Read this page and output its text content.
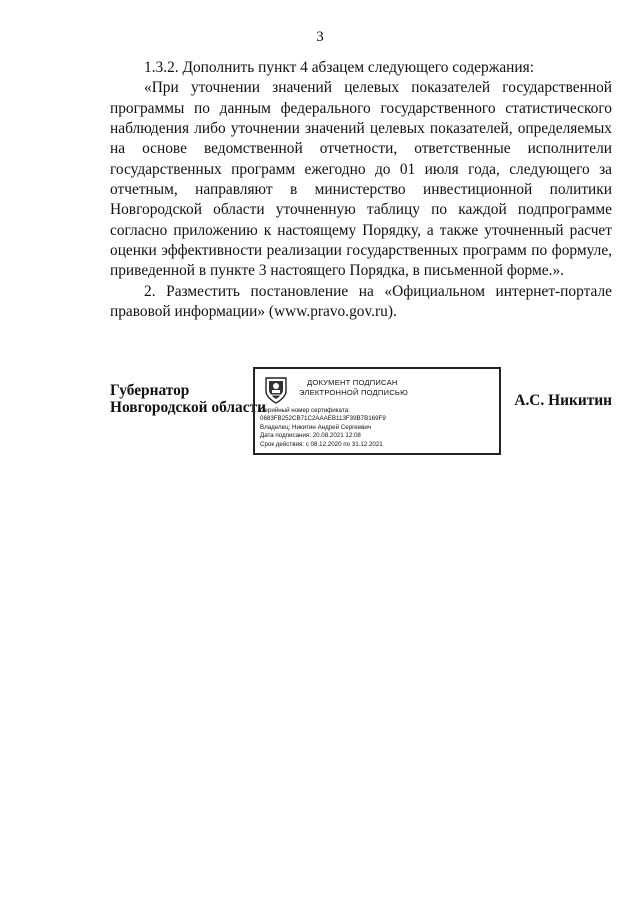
3

1.3.2. Дополнить пункт 4 абзацем следующего содержания:

«При уточнении значений целевых показателей государственной программы по данным федерального государственного статистического наблюдения либо уточнении значений целевых показателей, определяемых на основе ведомственной отчетности, ответственные исполнители государственных программ ежегодно до 01 июля года, следующего за отчетным, направляют в министерство инвестиционной политики Новгородской области уточненную таблицу по каждой подпрограмме согласно приложению к настоящему Порядку, а также уточненный расчет оценки эффективности реализации государственных программ по формуле, приведенной в пункте 3 настоящего Порядка, в письменной форме.».

2. Разместить постановление на «Официальном интернет-портале правовой информации» (www.pravo.gov.ru).

Губернатор
Новгородской области
ДОКУМЕНТ ПОДПИСАН
ЭЛЕКТРОННОЙ ПОДПИСЬЮ
Серийный номер сертификата:
0683FB252CB71C2AAAEB113F39B7B169F9
Владелец: Никитин Андрей Сергеевич
Дата подписания: 20.08.2021 12:08
Срок действия: с 08.12.2020 по 31.12.2021
А.С. Никитин
